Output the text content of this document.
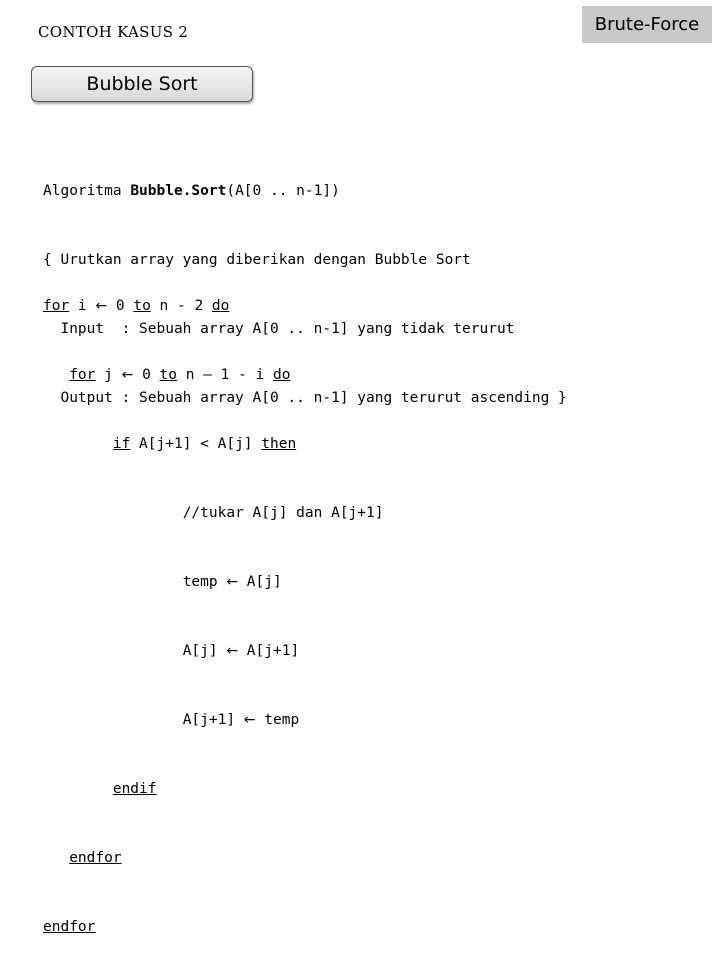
CONTOH KASUS 2	Brute-Force
Bubble Sort

Algoritma Bubble.Sort(A[0 .. n-1])

{ Urutkan array yang diberikan dengan Bubble Sort

Input  : Sebuah array A[0 .. n-1] yang tidak terurut

Output : Sebuah array A[0 .. n-1] yang terurut ascending }

for i ← 0 to n - 2 do

for j ← 0 to n – 1 - i do

if A[j+1] < A[j] then

//tukar A[j] dan A[j+1]

temp ← A[j]

A[j] ← A[j+1]

A[j+1] ← temp

endif

endfor

endfor
